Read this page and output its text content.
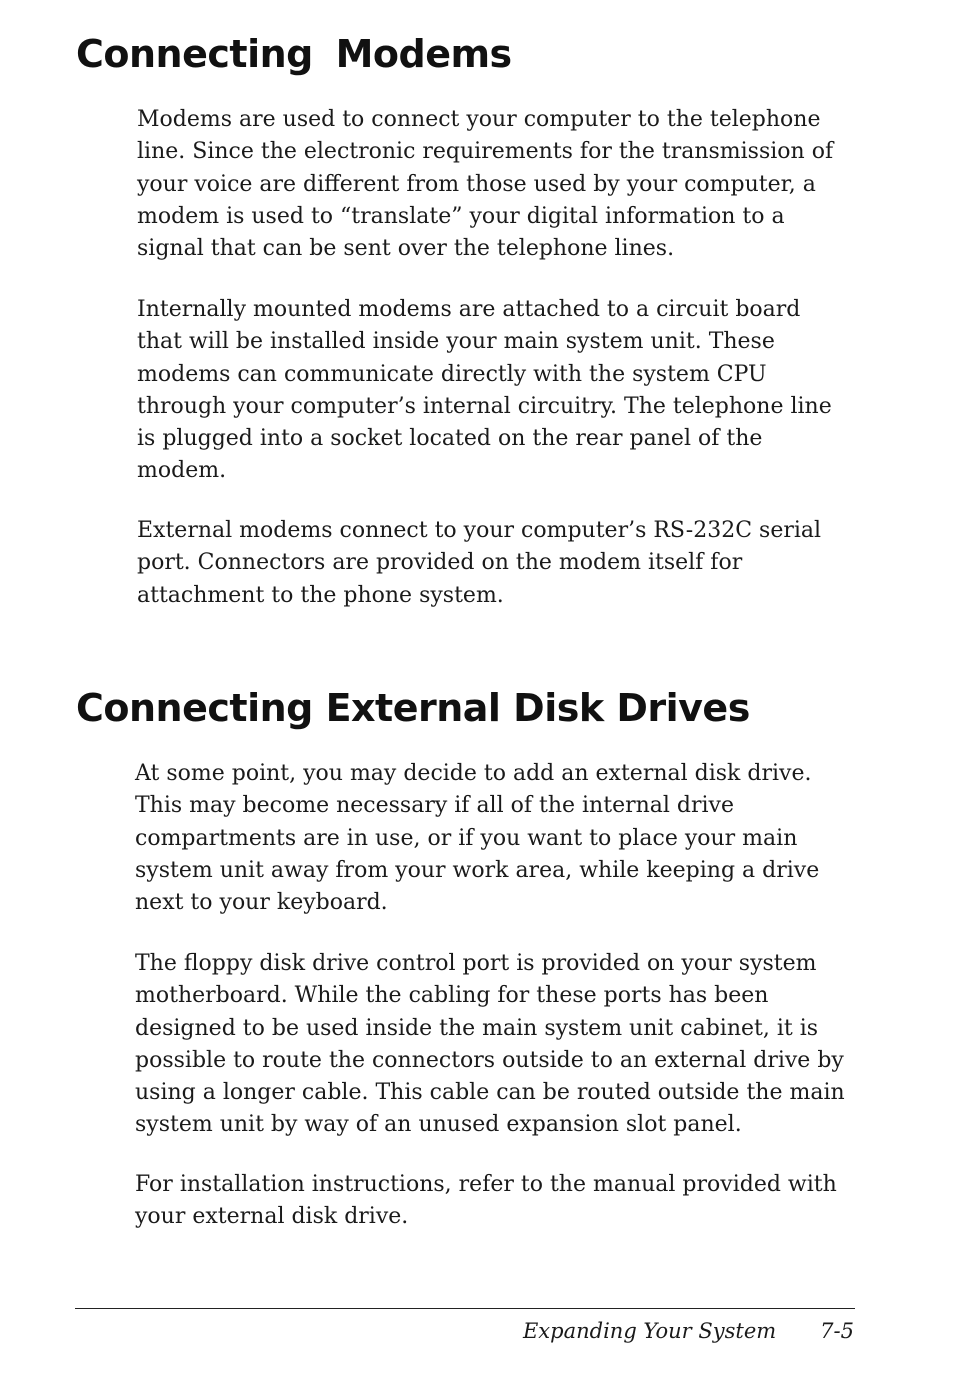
Connecting Modems

Modems are used to connect your computer to the telephone
line. Since the electronic requirements for the transmission of
your voice are different from those used by your computer, a
modem is used to “translate” your digital information to a
signal that can be sent over the telephone lines.

Internally mounted modems are attached to a circuit board
that will be installed inside your main system unit. These
modems can communicate directly with the system CPU
through your computer’s internal circuitry. The telephone line
is plugged into a socket located on the rear panel of the
modem.

External modems connect to your computer’s RS-232C serial
port. Connectors are provided on the modem itself for
attachment to the phone system.

Connecting External Disk Drives

At some point, you may decide to add an external disk drive.
This may become necessary if all of the internal drive
compartments are in use, or if you want to place your main
system unit away from your work area, while keeping a drive
next to your keyboard.

The floppy disk drive control port is provided on your system
motherboard. While the cabling for these ports has been
designed to be used inside the main system unit cabinet, it is
possible to route the connectors outside to an external drive by
using a longer cable. This cable can be routed outside the main
system unit by way of an unused expansion slot panel.

For installation instructions, refer to the manual provided with
your external disk drive.

Expanding Your System 7-5
